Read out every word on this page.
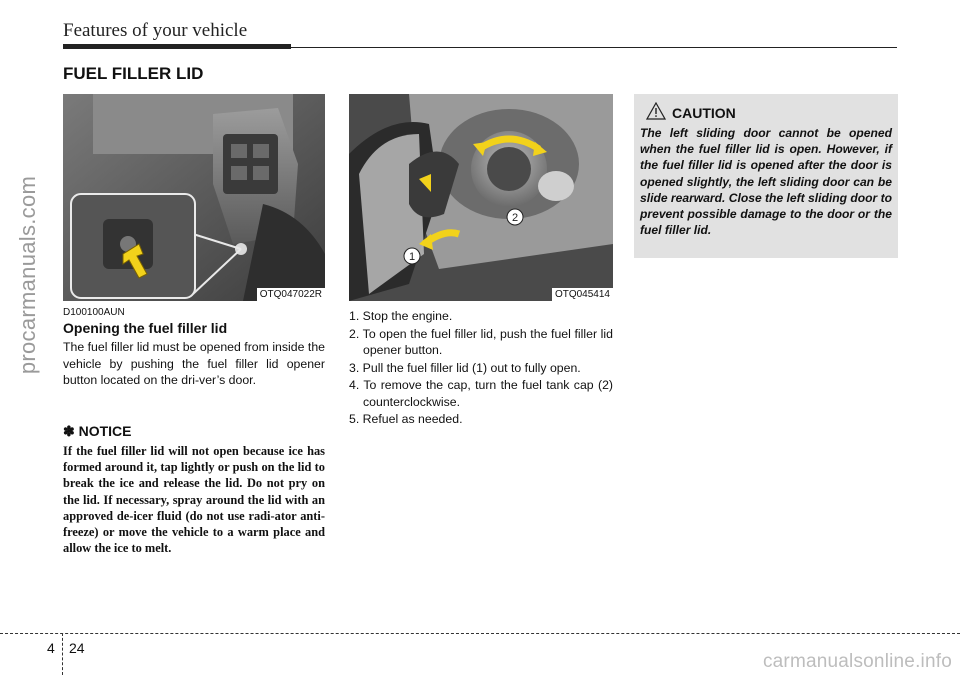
Features of your vehicle
FUEL FILLER LID
procarmanuals.com	OTQ047022R
1
2
OTQ045414
D100100AUN
Opening the fuel filler lid
The fuel filler lid must be opened from inside the vehicle by pushing the fuel filler lid opener button located on the dri-ver’s door.
✽ NOTICE
If the fuel filler lid will not open because ice has formed around it, tap lightly or push on the lid to break the ice and release the lid. Do not pry on the lid. If necessary, spray around the lid with an approved de-icer fluid (do not use radi-ator anti-freeze) or move the vehicle to a warm place and allow the ice to melt.
1. Stop the engine.
2. To open the fuel filler lid, push the fuel filler lid opener button.
3. Pull the fuel filler lid (1) out to fully open.
4. To remove the cap, turn the fuel tank cap (2) counterclockwise.
5. Refuel as needed.
CAUTION
The left sliding door cannot be opened when the fuel filler lid is open. However, if the fuel filler lid is opened after the door is opened slightly, the left sliding door can be slide rearward. Close the left sliding door to prevent possible damage to the door or the fuel filler lid.
4 24
carmanualsonline.info
